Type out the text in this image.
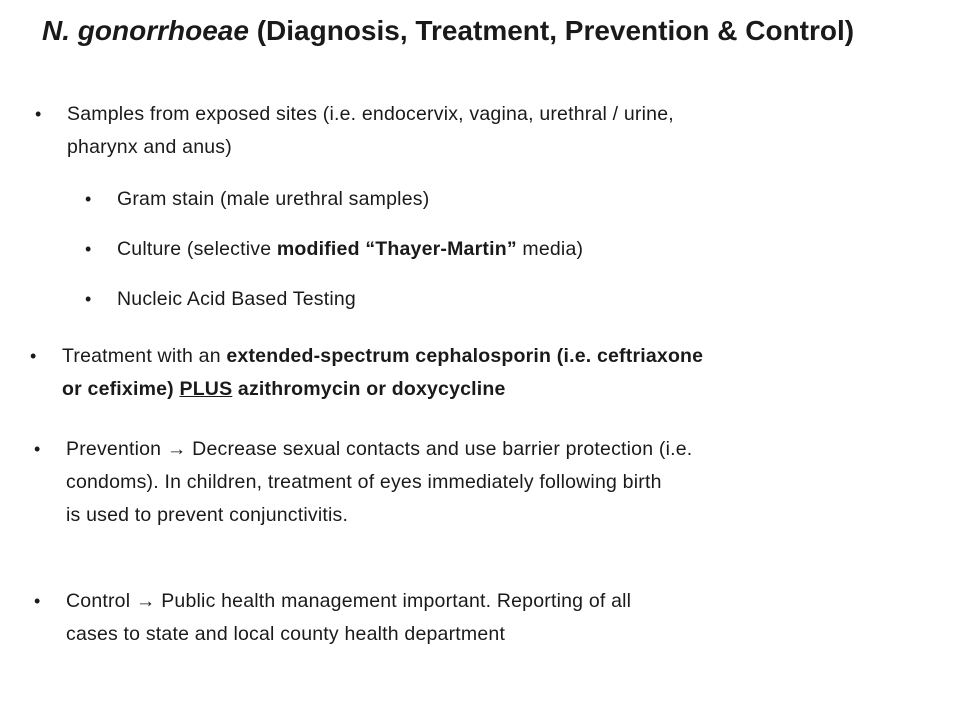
N. gonorrhoeae (Diagnosis, Treatment, Prevention & Control)
• Samples from exposed sites (i.e. endocervix, vagina, urethral / urine,
pharynx and anus)
• Gram stain (male urethral samples)
• Culture (selective modified “Thayer-Martin” media)
• Nucleic Acid Based Testing
• Treatment with an extended-spectrum cephalosporin (i.e. ceftriaxone
or cefixime) PLUS azithromycin or doxycycline
• Prevention → Decrease sexual contacts and use barrier protection (i.e.
condoms). In children, treatment of eyes immediately following birth
is used to prevent conjunctivitis.
• Control → Public health management important. Reporting of all
cases to state and local county health department
